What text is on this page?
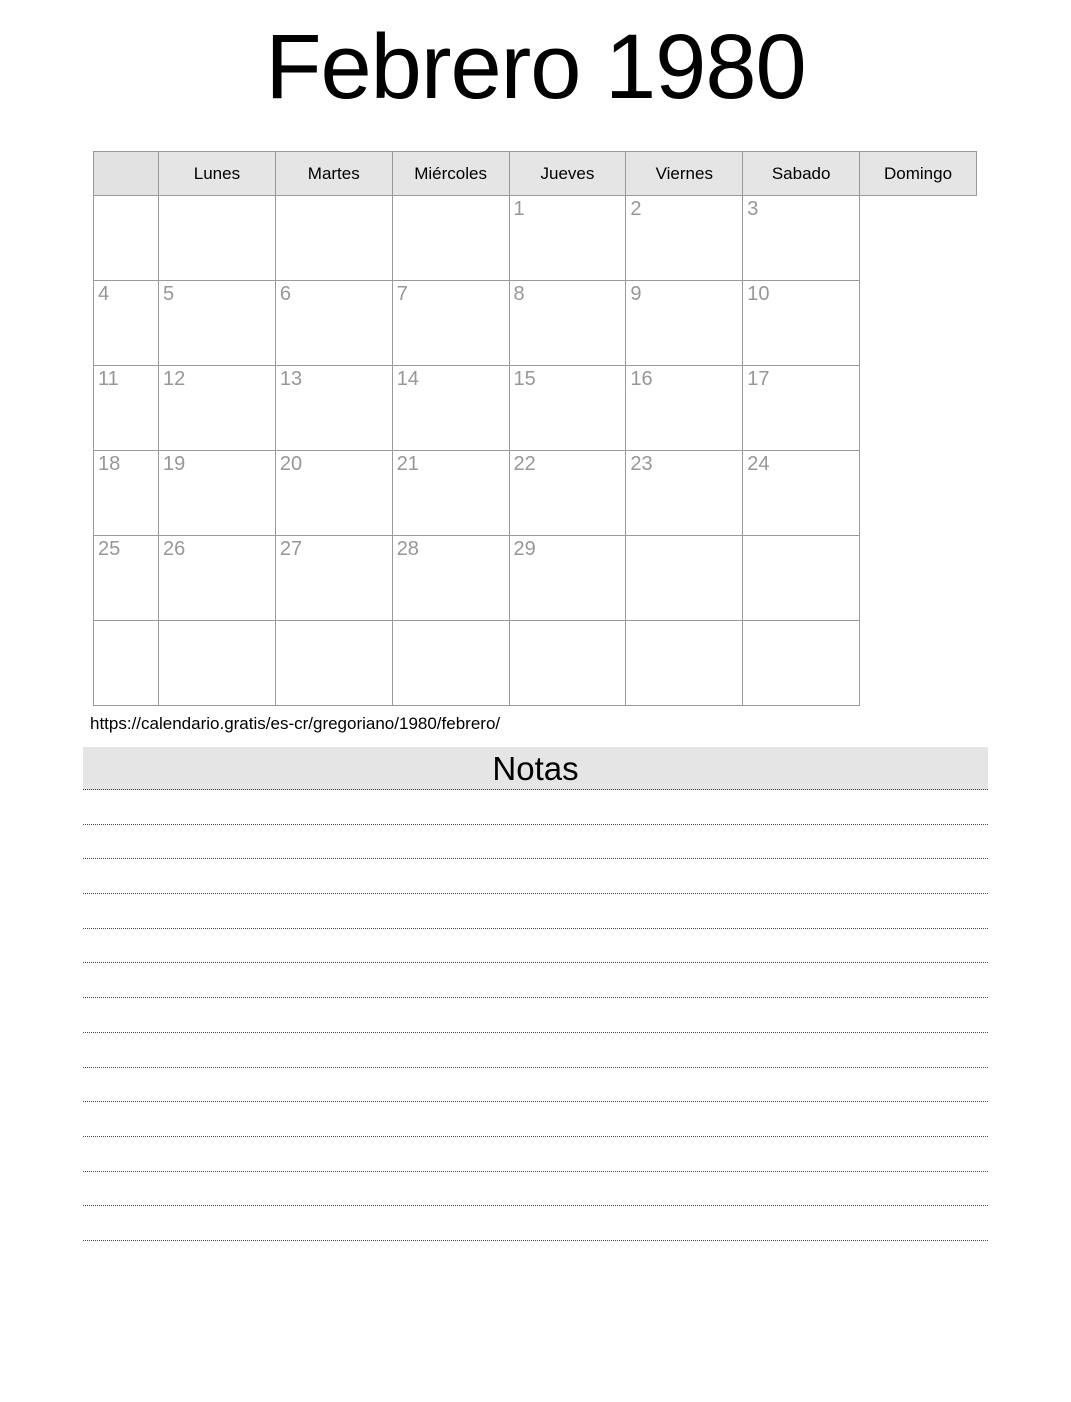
Febrero 1980
	Lunes	Martes	Miércoles	Jueves	Viernes	Sabado	Domingo
				1	2	3	
4	5	6	7	8	9	10	
11	12	13	14	15	16	17	
18	19	20	21	22	23	24	
25	26	27	28	29			

https://calendario.gratis/es-cr/gregoriano/1980/febrero/
Notas
